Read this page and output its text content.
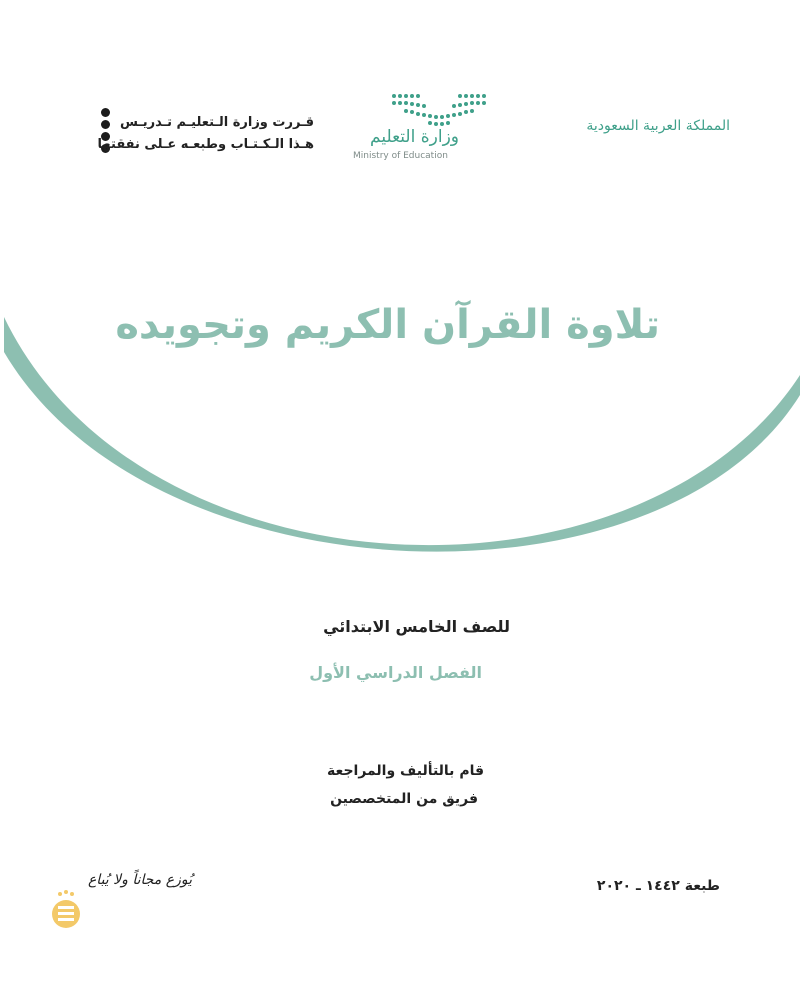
المملكة العربية السعودية
وزارة التعليم
Ministry of Education
قـررت وزارة الـتعليـم تـدريـس
هـذا الـكـتـاب وطبعـه عـلى نفقتها
تلاوة القرآن الكريم وتجويده
للصف الخامس الابتدائي
الفصل الدراسي الأول
قام بالتأليف والمراجعة
فريق من المتخصصين
طبعة ١٤٤٢ ـ ٢٠٢٠
يُوزع مجاناً ولا يُباع
